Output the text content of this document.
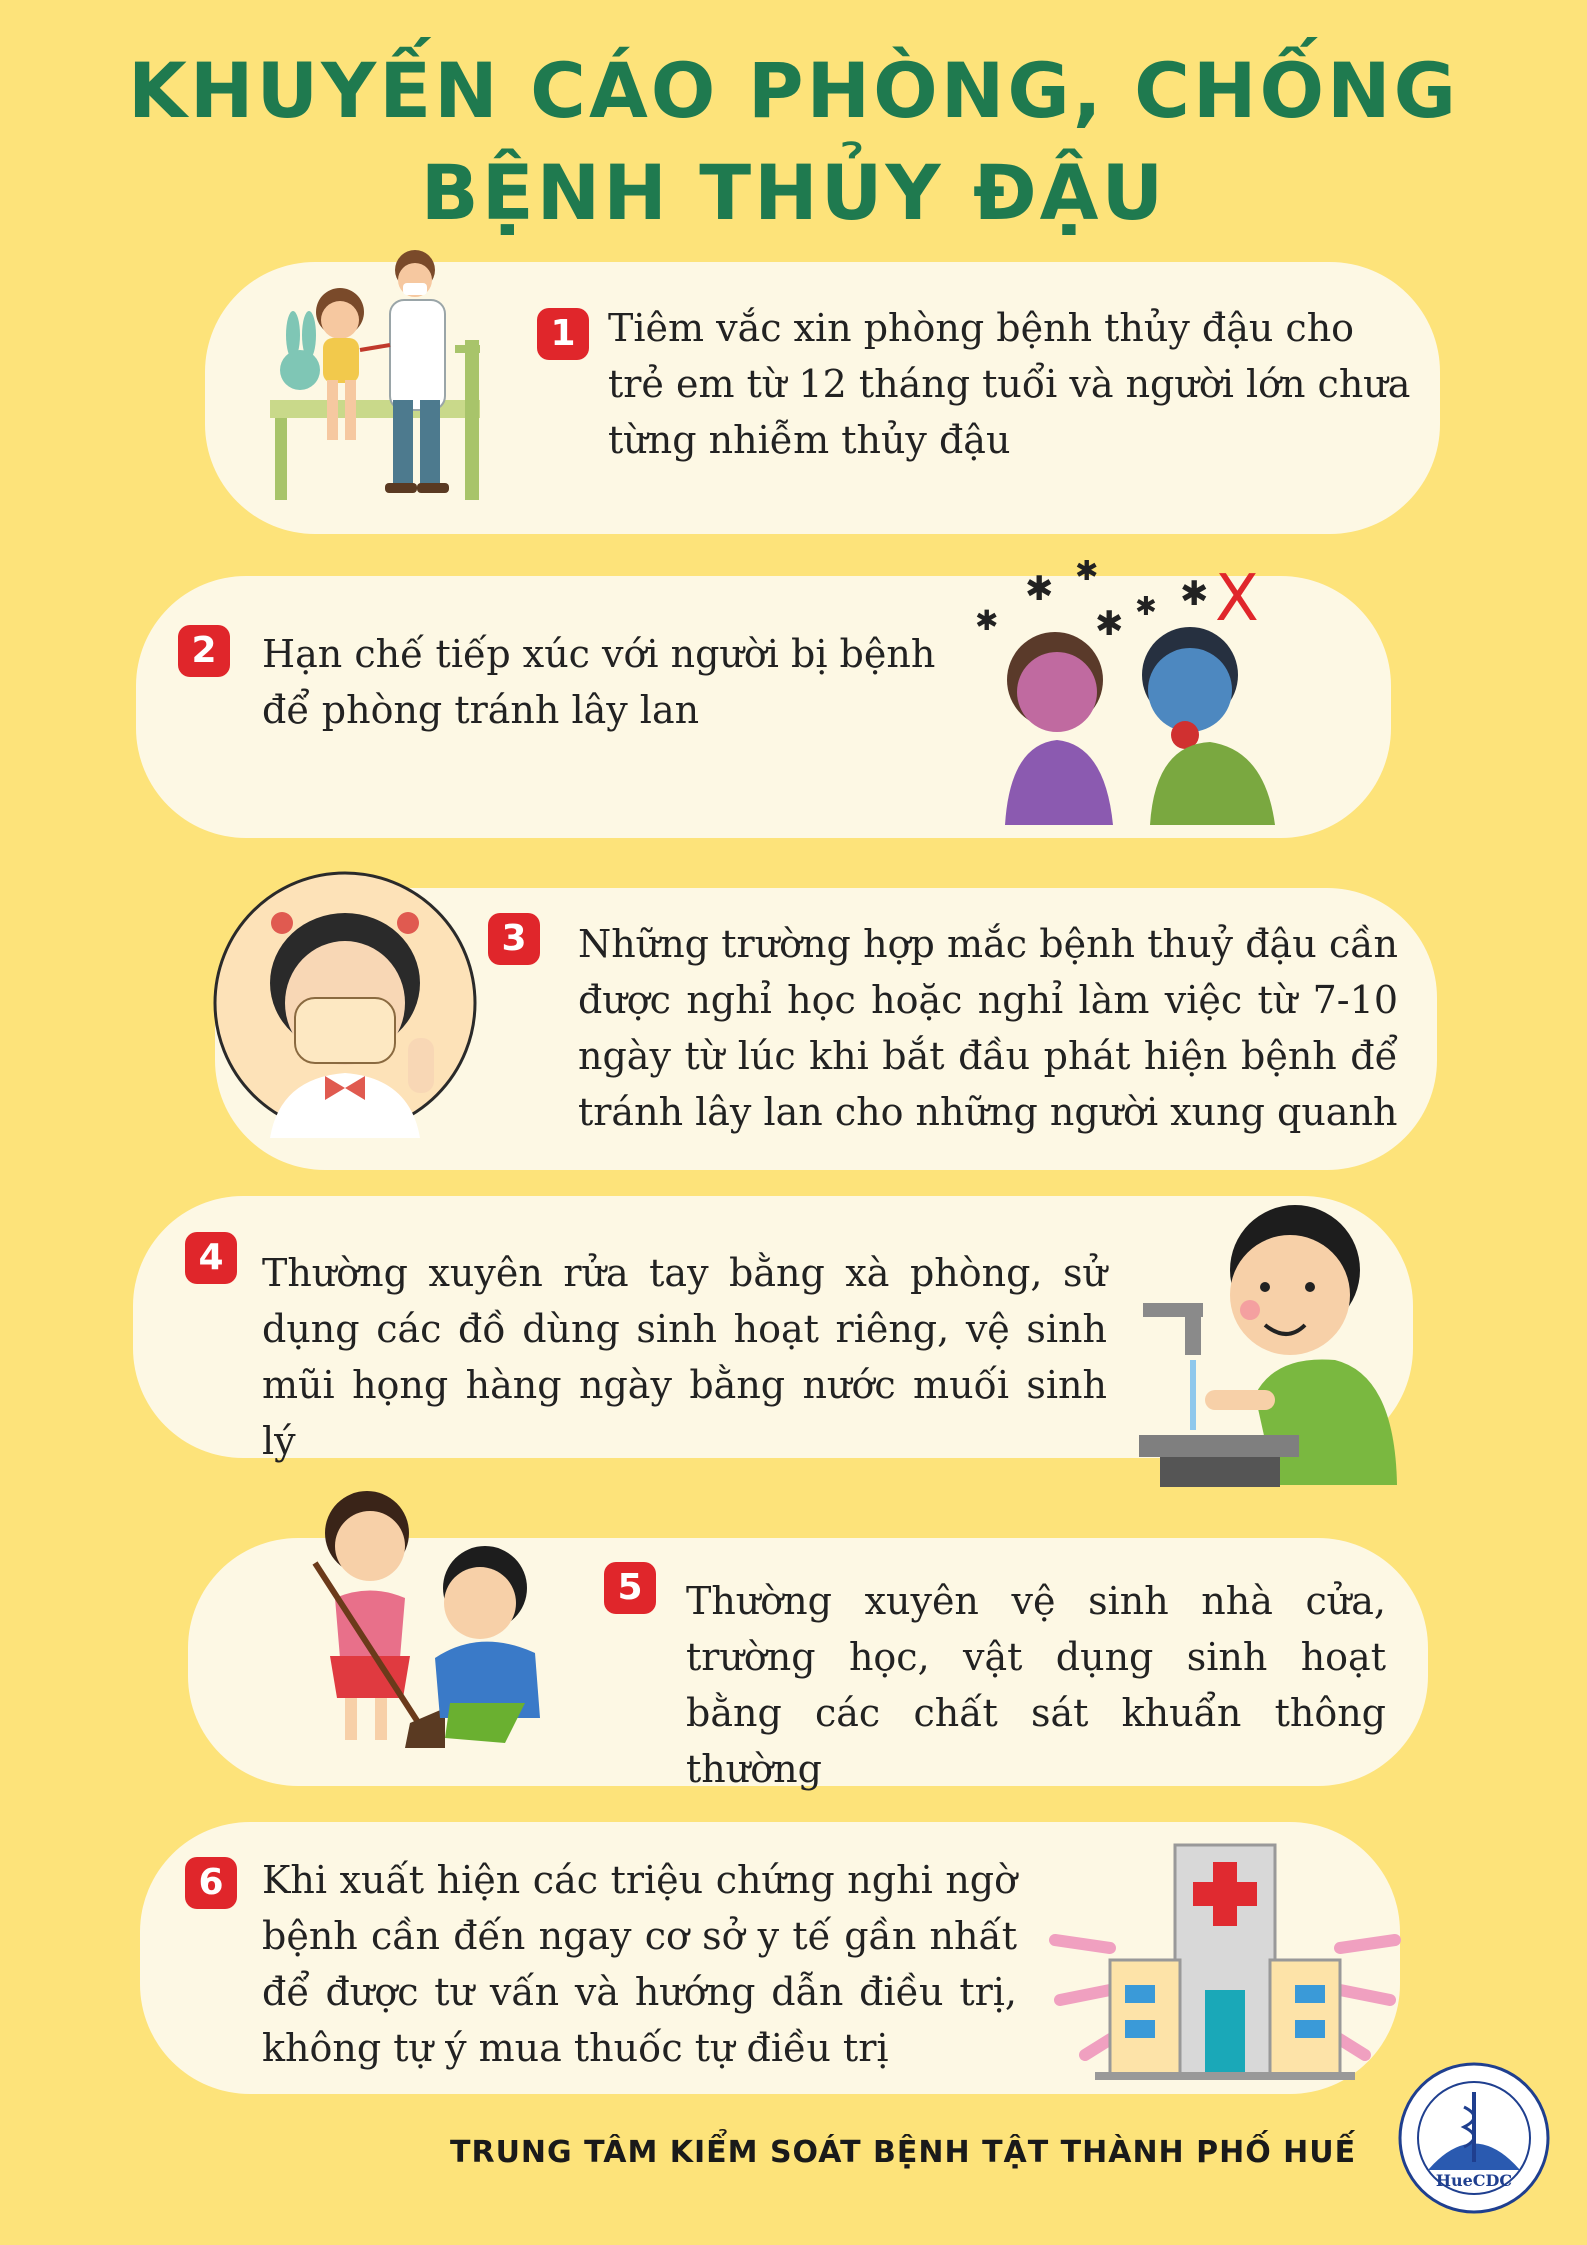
KHUYẾN CÁO PHÒNG, CHỐNG
BỆNH THỦY ĐẬU
1 Tiêm vắc xin phòng bệnh thủy đậu cho trẻ em từ 12 tháng tuổi và người lớn chưa từng nhiễm thủy đậu
2	Hạn chế tiếp xúc với người bị bệnh để phòng tránh lây lan
✱ ✱
✱
✱	✱ ✱ X
3	Những trường hợp mắc bệnh thuỷ đậu cần được nghỉ học hoặc nghỉ làm việc từ 7-10 ngày từ lúc khi bắt đầu phát hiện bệnh để tránh lây lan cho những người xung quanh
4	Thường xuyên rửa tay bằng xà phòng, sử dụng các đồ dùng sinh hoạt riêng, vệ sinh mũi họng hàng ngày bằng nước muối sinh lý
5	Thường xuyên vệ sinh nhà cửa, trường học, vật dụng sinh hoạt bằng các chất sát khuẩn thông thường
6	Khi xuất hiện các triệu chứng nghi ngờ bệnh cần đến ngay cơ sở y tế gần nhất để được tư vấn và hướng dẫn điều trị, không tự ý mua thuốc tự điều trị
TRUNG TÂM KIỂM SOÁT BỆNH TẬT THÀNH PHỐ HUẾ
HueCDC
